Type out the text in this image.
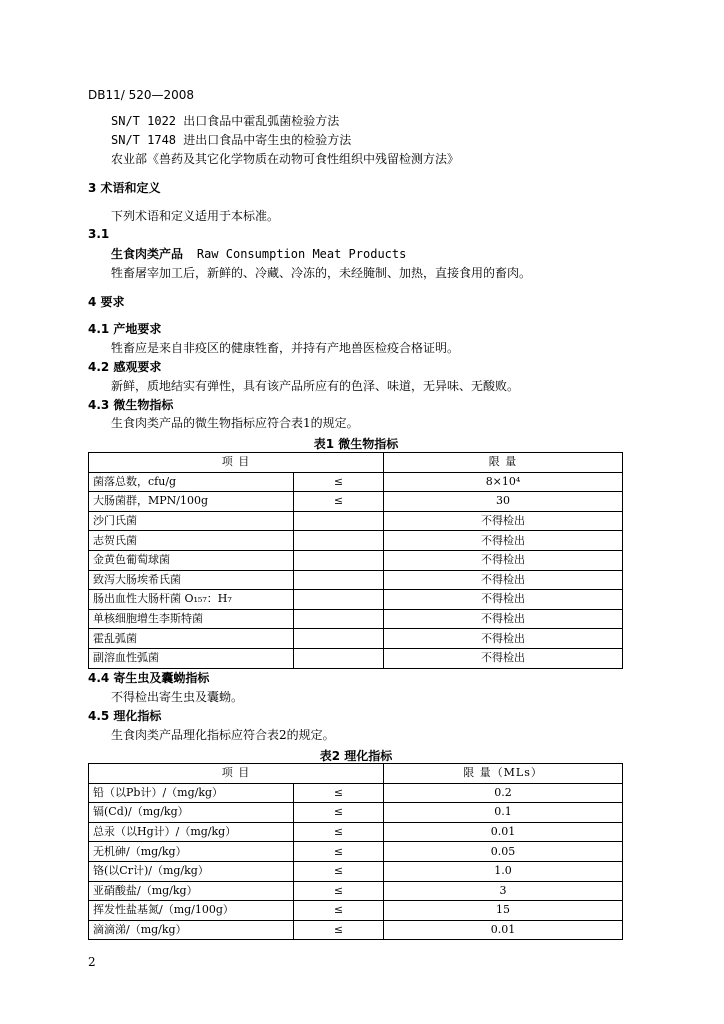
DB11/ 520—2008
SN/T 1022 出口食品中霍乱弧菌检验方法
SN/T 1748 进出口食品中寄生虫的检验方法
农业部《兽药及其它化学物质在动物可食性组织中残留检测方法》
3 术语和定义
下列术语和定义适用于本标准。
3.1
生食肉类产品 Raw Consumption Meat Products
牲畜屠宰加工后，新鲜的、冷藏、冷冻的，未经腌制、加热，直接食用的畜肉。
4 要求
4.1 产地要求
牲畜应是来自非疫区的健康牲畜，并持有产地兽医检疫合格证明。
4.2 感观要求
新鲜，质地结实有弹性，具有该产品所应有的色泽、味道，无异味、无酸败。
4.3 微生物指标
生食肉类产品的微生物指标应符合表1的规定。
表1 微生物指标
项 目		限 量
菌落总数，cfu/g	≤	8×10⁴
大肠菌群，MPN/100g	≤	30
沙门氏菌		不得检出
志贺氏菌		不得检出
金黄色葡萄球菌		不得检出
致泻大肠埃希氏菌		不得检出
肠出血性大肠杆菌 O₁₅₇：H₇		不得检出
单核细胞增生李斯特菌		不得检出
霍乱弧菌		不得检出
副溶血性弧菌		不得检出
4.4 寄生虫及囊蚴指标
不得检出寄生虫及囊蚴。
4.5 理化指标
生食肉类产品理化指标应符合表2的规定。
表2 理化指标
项 目		限 量（MLs）
铅（以Pb计）/（mg/kg）	≤	0.2
镉(Cd)/（mg/kg）	≤	0.1
总汞（以Hg计）/（mg/kg）	≤	0.01
无机砷/（mg/kg）	≤	0.05
铬(以Cr计)/（mg/kg）	≤	1.0
亚硝酸盐/（mg/kg）	≤	3
挥发性盐基氮/（mg/100g）	≤	15
滴滴涕/（mg/kg）	≤	0.01
2
